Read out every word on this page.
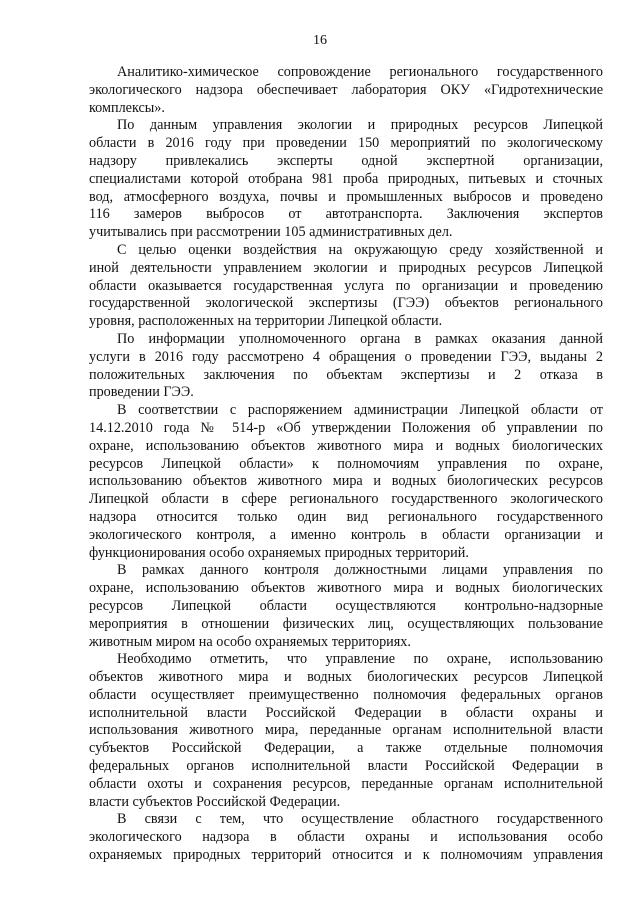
16

Аналитико-химическое сопровождение регионального государственного
экологического надзора обеспечивает лаборатория ОКУ «Гидротехнические
комплексы».

По данным управления экологии и природных ресурсов Липецкой
области в 2016 году при проведении 150 мероприятий по экологическому
надзору привлекались эксперты одной экспертной организации,
специалистами которой отобрана 981 проба природных, питьевых и сточных
вод, атмосферного воздуха, почвы и промышленных выбросов и проведено
116 замеров выбросов от автотранспорта. Заключения экспертов
учитывались при рассмотрении 105 административных дел.

С целью оценки воздействия на окружающую среду хозяйственной и
иной деятельности управлением экологии и природных ресурсов Липецкой
области оказывается государственная услуга по организации и проведению
государственной экологической экспертизы (ГЭЭ) объектов регионального
уровня, расположенных на территории Липецкой области.

По информации уполномоченного органа в рамках оказания данной
услуги в 2016 году рассмотрено 4 обращения о проведении ГЭЭ, выданы 2
положительных заключения по объектам экспертизы и 2 отказа в
проведении ГЭЭ.

В соответствии с распоряжением администрации Липецкой области от
14.12.2010 года № 514-р «Об утверждении Положения об управлении по
охране, использованию объектов животного мира и водных биологических
ресурсов Липецкой области» к полномочиям управления по охране,
использованию объектов животного мира и водных биологических ресурсов
Липецкой области в сфере регионального государственного экологического
надзора относится только один вид регионального государственного
экологического контроля, а именно контроль в области организации и
функционирования особо охраняемых природных территорий.

В рамках данного контроля должностными лицами управления по
охране, использованию объектов животного мира и водных биологических
ресурсов Липецкой области осуществляются контрольно-надзорные
мероприятия в отношении физических лиц, осуществляющих пользование
животным миром на особо охраняемых территориях.

Необходимо отметить, что управление по охране, использованию
объектов животного мира и водных биологических ресурсов Липецкой
области осуществляет преимущественно полномочия федеральных органов
исполнительной власти Российской Федерации в области охраны и
использования животного мира, переданные органам исполнительной власти
субъектов Российской Федерации, а также отдельные полномочия
федеральных органов исполнительной власти Российской Федерации в
области охоты и сохранения ресурсов, переданные органам исполнительной
власти субъектов Российской Федерации.

В связи с тем, что осуществление областного государственного
экологического надзора в области охраны и использования особо
охраняемых природных территорий относится и к полномочиям управления
